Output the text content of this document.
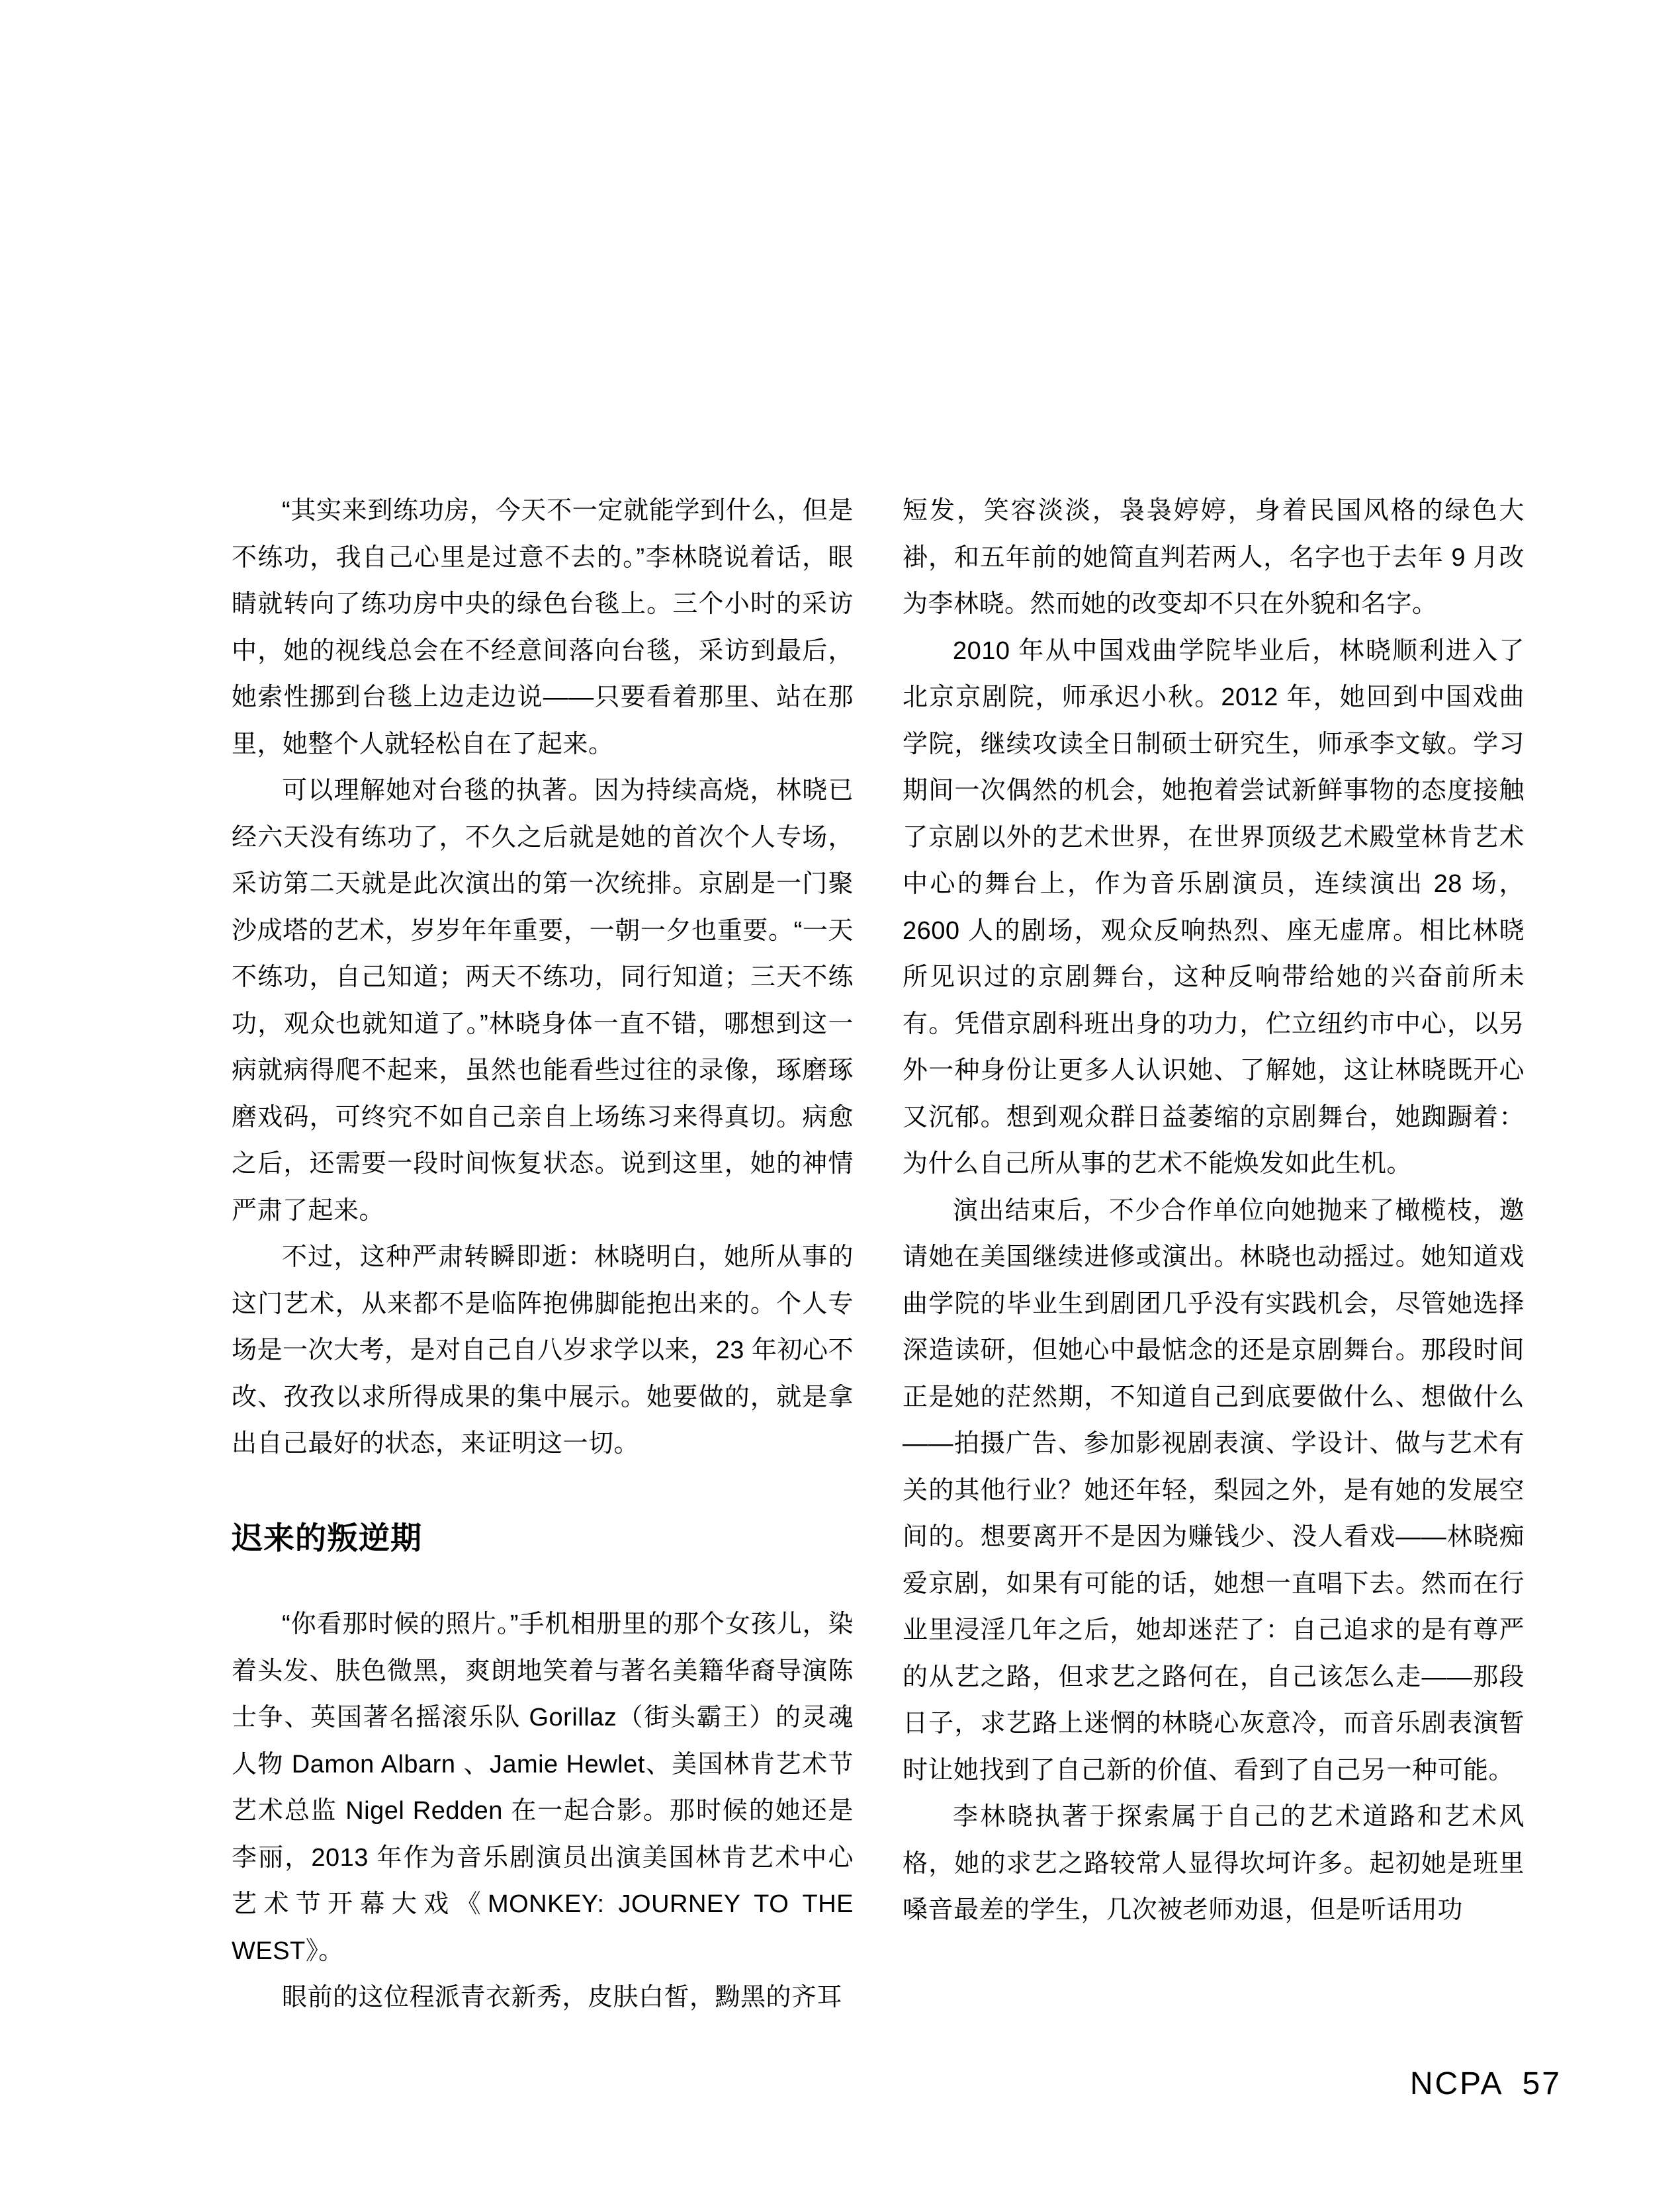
“其实来到练功房，今天不一定就能学到什么，但是不练功，我自己心里是过意不去的。”李林晓说着话，眼睛就转向了练功房中央的绿色台毯上。三个小时的采访中，她的视线总会在不经意间落向台毯，采访到最后，她索性挪到台毯上边走边说——只要看着那里、站在那里，她整个人就轻松自在了起来。

可以理解她对台毯的执著。因为持续高烧，林晓已经六天没有练功了，不久之后就是她的首次个人专场，采访第二天就是此次演出的第一次统排。京剧是一门聚沙成塔的艺术，岁岁年年重要，一朝一夕也重要。“一天不练功，自己知道；两天不练功，同行知道；三天不练功，观众也就知道了。”林晓身体一直不错，哪想到这一病就病得爬不起来，虽然也能看些过往的录像，琢磨琢磨戏码，可终究不如自己亲自上场练习来得真切。病愈之后，还需要一段时间恢复状态。说到这里，她的神情严肃了起来。

不过，这种严肃转瞬即逝：林晓明白，她所从事的这门艺术，从来都不是临阵抱佛脚能抱出来的。个人专场是一次大考，是对自己自八岁求学以来，23 年初心不改、孜孜以求所得成果的集中展示。她要做的，就是拿出自己最好的状态，来证明这一切。

迟来的叛逆期

“你看那时候的照片。”手机相册里的那个女孩儿，染着头发、肤色微黑，爽朗地笑着与著名美籍华裔导演陈士争、英国著名摇滚乐队 Gorillaz（街头霸王）的灵魂人物 Damon Albarn 、Jamie Hewlet、美国林肯艺术节艺术总监 Nigel Redden 在一起合影。那时候的她还是李丽，2013 年作为音乐剧演员出演美国林肯艺术中心艺术节开幕大戏《MONKEY: JOURNEY TO THE WEST》。

眼前的这位程派青衣新秀，皮肤白皙，黝黑的齐耳

短发，笑容淡淡，袅袅婷婷，身着民国风格的绿色大褂，和五年前的她简直判若两人，名字也于去年 9 月改为李林晓。然而她的改变却不只在外貌和名字。

2010 年从中国戏曲学院毕业后，林晓顺利进入了北京京剧院，师承迟小秋。2012 年，她回到中国戏曲学院，继续攻读全日制硕士研究生，师承李文敏。学习期间一次偶然的机会，她抱着尝试新鲜事物的态度接触了京剧以外的艺术世界，在世界顶级艺术殿堂林肯艺术中心的舞台上，作为音乐剧演员，连续演出 28 场，2600 人的剧场，观众反响热烈、座无虚席。相比林晓所见识过的京剧舞台，这种反响带给她的兴奋前所未有。凭借京剧科班出身的功力，伫立纽约市中心，以另外一种身份让更多人认识她、了解她，这让林晓既开心又沉郁。想到观众群日益萎缩的京剧舞台，她踟蹰着：为什么自己所从事的艺术不能焕发如此生机。

演出结束后，不少合作单位向她抛来了橄榄枝，邀请她在美国继续进修或演出。林晓也动摇过。她知道戏曲学院的毕业生到剧团几乎没有实践机会，尽管她选择深造读研，但她心中最惦念的还是京剧舞台。那段时间正是她的茫然期，不知道自己到底要做什么、想做什么——拍摄广告、参加影视剧表演、学设计、做与艺术有关的其他行业？她还年轻，梨园之外，是有她的发展空间的。想要离开不是因为赚钱少、没人看戏——林晓痴爱京剧，如果有可能的话，她想一直唱下去。然而在行业里浸淫几年之后，她却迷茫了：自己追求的是有尊严的从艺之路，但求艺之路何在，自己该怎么走——那段日子，求艺路上迷惘的林晓心灰意冷，而音乐剧表演暂时让她找到了自己新的价值、看到了自己另一种可能。

李林晓执著于探索属于自己的艺术道路和艺术风格，她的求艺之路较常人显得坎坷许多。起初她是班里嗓音最差的学生，几次被老师劝退，但是听话用功

NCPA 57
